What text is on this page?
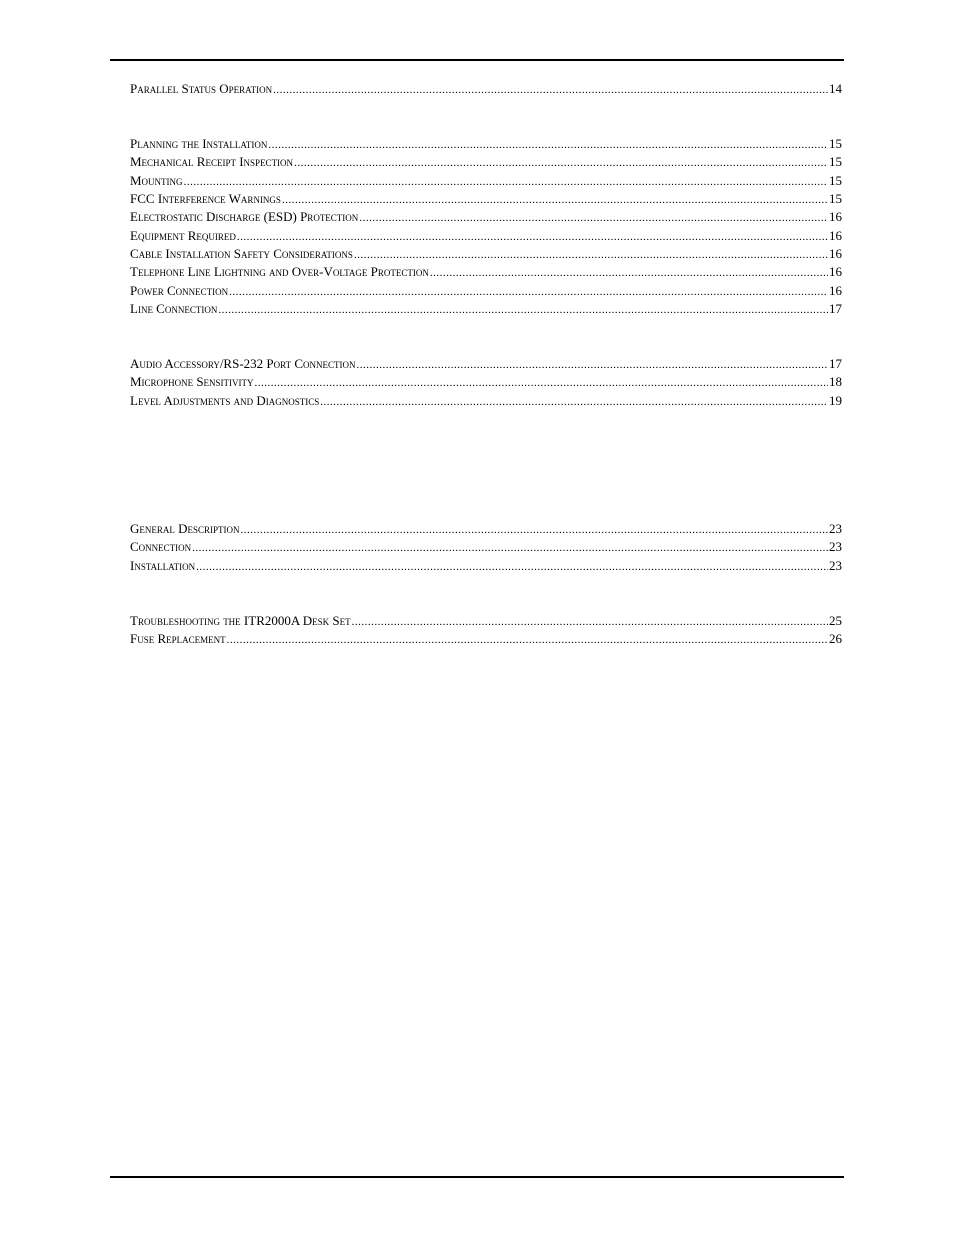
Parallel Status Operation .....	14
Planning the Installation .....	15
Mechanical Receipt Inspection .....	15
Mounting .....	15
FCC Interference Warnings .....	15
Electrostatic Discharge (ESD) Protection .....	16
Equipment Required .....	16
Cable Installation Safety Considerations .....	16
Telephone Line Lightning and Over-Voltage Protection .....	16
Power Connection .....	16
Line Connection .....	17
Audio Accessory/RS-232 Port Connection .....	17
Microphone Sensitivity .....	18
Level Adjustments and Diagnostics .....	19
General Description .....	23
Connection .....	23
Installation .....	23
Troubleshooting the ITR2000A Desk Set .....	25
Fuse Replacement .....	26
